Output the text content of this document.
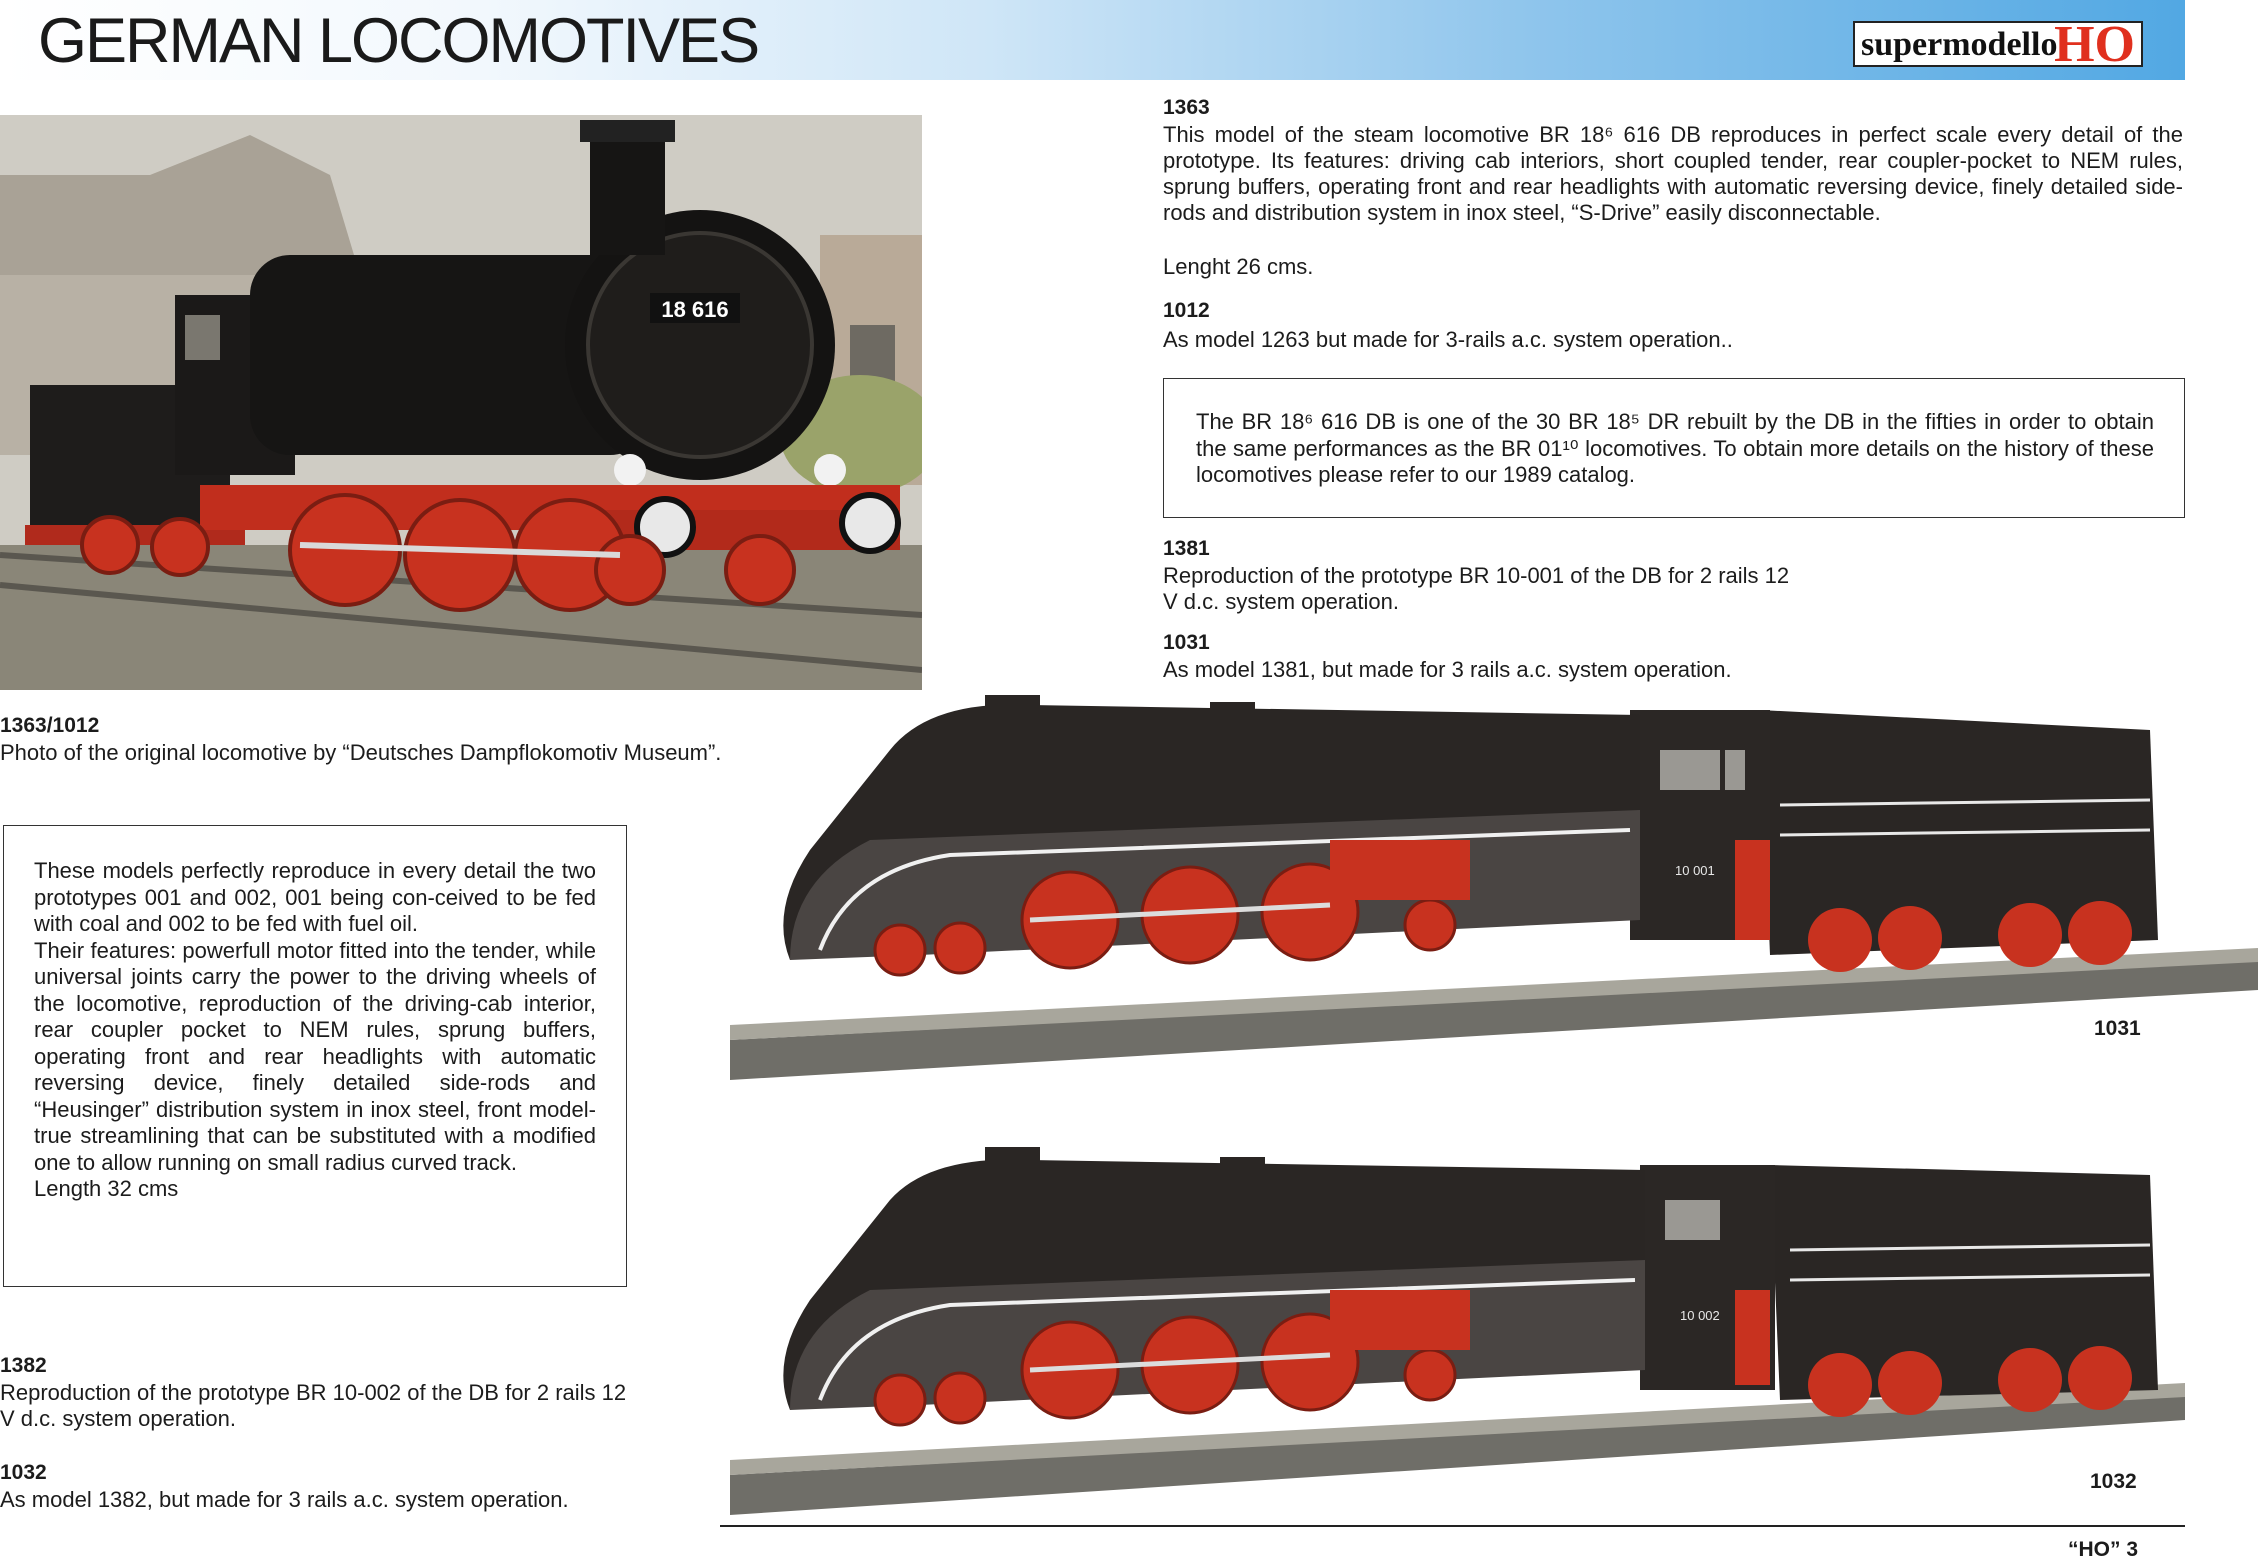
GERMAN LOCOMOTIVES	HO
supermodello
18 616
1363/1012
Photo of the original locomotive by “Deutsches Dampflokomotiv Museum”.
1363
This model of the steam locomotive BR 18⁶ 616 DB reproduces in perfect scale every detail of the prototype. Its features: driving cab interiors, short coupled tender, rear coupler-pocket to NEM rules, sprung buffers, operating front and rear headlights with automatic reversing device, finely detailed side-rods and distribution system in inox steel, “S-Drive” easily disconnectable.
Lenght 26 cms.
1012
As model 1263 but made for 3-rails a.c. system operation..
The BR 18⁶ 616 DB is one of the 30 BR 18⁵ DR rebuilt by the DB in the fifties in order to obtain the same performances as the BR 01¹⁰ locomotives. To obtain more details on the history of these locomotives please refer to our 1989 catalog.
1381
Reproduction of the prototype BR 10-001 of the DB for 2 rails 12 V d.c. system operation.
1031
As model 1381, but made for 3 rails a.c. system operation.
These models perfectly reproduce in every detail the two prototypes 001 and 002, 001 being con-ceived to be fed with coal and 002 to be fed with fuel oil.
Their features: powerfull motor fitted into the tender, while universal joints carry the power to the driving wheels of the locomotive, reproduction of the driving-cab interior, rear coupler pocket to NEM rules, sprung buffers, operating front and rear headlights with automatic reversing device, finely detailed side-rods and “Heusinger” distribution system in inox steel, front model-true streamlining that can be substituted with a modified one to allow running on small radius curved track.
Length 32 cms
1382
Reproduction of the prototype BR 10-002 of the DB for 2 rails 12 V d.c. system operation.
1032
As model 1382, but made for 3 rails a.c. system operation.
10 001
1031
10 002
1032
“HO” 3
